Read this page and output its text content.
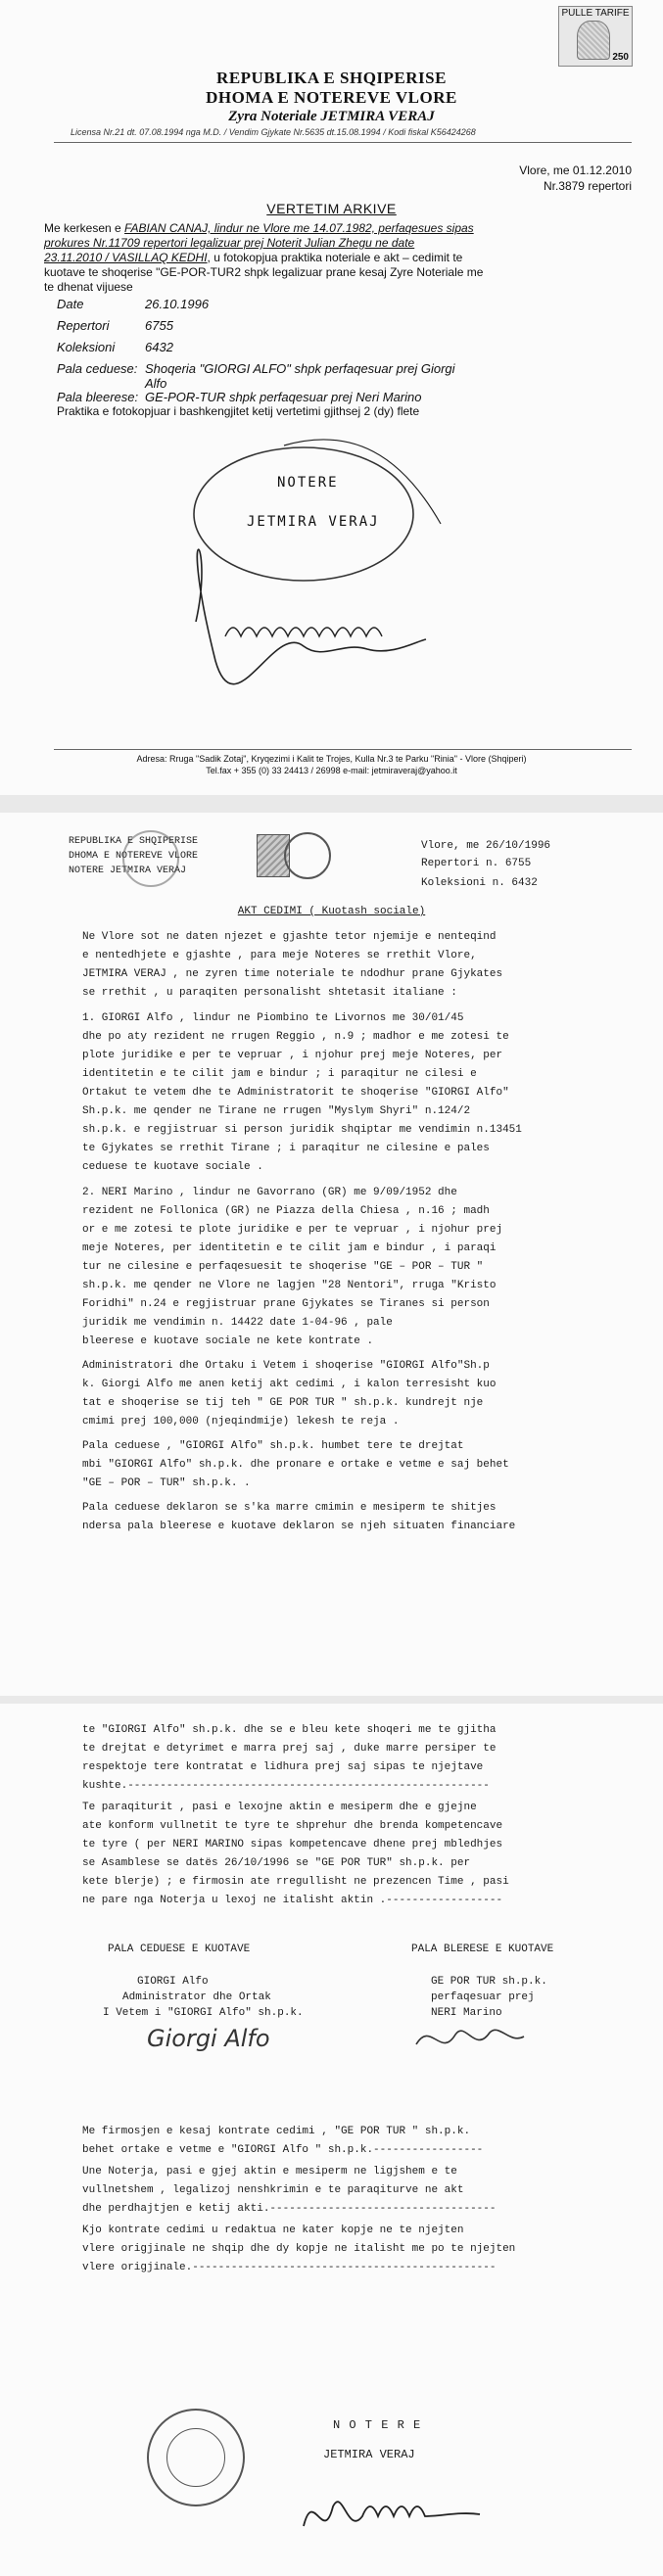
PULLE TARIFE
250
REPUBLIKA E SHQIPERISE
DHOMA E NOTEREVE VLORE
Zyra Noteriale JETMIRA VERAJ
Licensa Nr.21 dt. 07.08.1994 nga M.D. / Vendim Gjykate Nr.5635 dt.15.08.1994 / Kodi fiskal K56424268
Vlore, me 01.12.2010
Nr.3879 repertori
VERTETIM ARKIVE
Me kerkesen e FABIAN CANAJ, lindur ne Vlore me 14.07.1982, perfaqesues sipas
prokures Nr.11709 repertori legalizuar prej Noterit Julian Zhegu ne date
23.11.2010 / VASILLAQ KEDHI, u fotokopjua praktika noteriale e akt – cedimit te
kuotave te shoqerise "GE-POR-TUR2 shpk legalizuar prane kesaj Zyre Noteriale me
te dhenat vijuese
Date	26.10.1996
Repertori	6755
Koleksioni 6432
Pala ceduese: Shoqeria "GIORGI ALFO" shpk perfaqesuar prej Giorgi Alfo
Pala bleerese: GE-POR-TUR shpk perfaqesuar prej Neri Marino
Praktika e fotokopjuar i bashkengjitet ketij vertetimi gjithsej 2 (dy) flete
NOTERE
JETMIRA VERAJ
Adresa: Rruga "Sadik Zotaj", Kryqezimi i Kalit te Trojes, Kulla Nr.3 te Parku "Rinia" - Vlore (Shqiperi)
Tel.fax + 355 (0) 33 24413 / 26998 e-mail: jetmiraveraj@yahoo.it
REPUBLIKA E SHQIPERISE
DHOMA E NOTEREVE VLORE
NOTERE JETMIRA VERAJ
Vlore, me 26/10/1996
Repertori n. 6755
Koleksioni n. 6432
AKT CEDIMI ( Kuotash sociale)
Ne Vlore sot ne daten njezet e gjashte tetor njemije e nenteqind
e nentedhjete e gjashte , para meje Noteres se rrethit Vlore,
JETMIRA VERAJ , ne zyren time noteriale te ndodhur prane Gjykates
se rrethit , u paraqiten personalisht shtetasit italiane :
1. GIORGI Alfo , lindur ne Piombino te Livornos me 30/01/45
dhe po aty rezident ne rrugen Reggio , n.9 ; madhor e me zotesi te
plote juridike e per te vepruar , i njohur prej meje Noteres, per
identitetin e te cilit jam e bindur ; i paraqitur ne cilesi e
Ortakut te vetem dhe te Administratorit te shoqerise "GIORGI Alfo"
Sh.p.k. me qender ne Tirane ne rrugen "Myslym Shyri" n.124/2
sh.p.k. e regjistruar si person juridik shqiptar me vendimin n.13451
te Gjykates se rrethit Tirane ; i paraqitur ne cilesine e pales
ceduese te kuotave sociale .
2. NERI Marino , lindur ne Gavorrano (GR) me 9/09/1952 dhe
rezident ne Follonica (GR) ne Piazza della Chiesa , n.16 ; madh
or e me zotesi te plote juridike e per te vepruar , i njohur prej
meje Noteres, per identitetin e te cilit jam e bindur , i paraqi
tur ne cilesine e perfaqesuesit te shoqerise "GE – POR – TUR "
sh.p.k. me qender ne Vlore ne lagjen "28 Nentori", rruga "Kristo
Foridhi" n.24 e regjistruar prane Gjykates se Tiranes si person
juridik me vendimin n. 14422 date 1-04-96 , pale
bleerese e kuotave sociale ne kete kontrate .
Administratori dhe Ortaku i Vetem i shoqerise "GIORGI Alfo"Sh.p
k. Giorgi Alfo me anen ketij akt cedimi , i kalon terresisht kuo
tat e shoqerise se tij teh " GE POR TUR " sh.p.k. kundrejt nje
cmimi prej 100,000 (njeqindmije) lekesh te reja .
Pala ceduese , "GIORGI Alfo" sh.p.k. humbet tere te drejtat
mbi "GIORGI Alfo" sh.p.k. dhe pronare e ortake e vetme e saj behet
"GE – POR – TUR" sh.p.k. .
Pala ceduese deklaron se s'ka marre cmimin e mesiperm te shitjes
ndersa pala bleerese e kuotave deklaron se njeh situaten financiare
te "GIORGI Alfo" sh.p.k. dhe se e bleu kete shoqeri me te gjitha
te drejtat e detyrimet e marra prej saj , duke marre persiper te
respektoje tere kontratat e lidhura prej saj sipas te njejtave
kushte.--------------------------------------------------------
Te paraqiturit , pasi e lexojne aktin e mesiperm dhe e gjejne
ate konform vullnetit te tyre te shprehur dhe brenda kompetencave
te tyre ( per NERI MARINO sipas kompetencave dhene prej mbledhjes
se Asamblese se datës 26/10/1996 se "GE POR TUR" sh.p.k. per
kete blerje) ; e firmosin ate rregullisht ne prezencen Time , pasi
ne pare nga Noterja u lexoj ne italisht aktin .------------------
PALA CEDUESE E KUOTAVE
GIORGI Alfo
Administrator dhe Ortak
I Vetem i "GIORGI Alfo" sh.p.k.
PALA BLERESE E KUOTAVE
GE POR TUR sh.p.k.
perfaqesuar prej
NERI Marino
Giorgi Alfo
Me firmosjen e kesaj kontrate cedimi , "GE POR TUR " sh.p.k.
behet ortake e vetme e "GIORGI Alfo " sh.p.k.-----------------
Une Noterja, pasi e gjej aktin e mesiperm ne ligjshem e te
vullnetshem , legalizoj nenshkrimin e te paraqiturve ne akt
dhe perdhajtjen e ketij akti.-----------------------------------
Kjo kontrate cedimi u redaktua ne kater kopje ne te njejten
vlere origjinale ne shqip dhe dy kopje ne italisht me po te njejten
vlere origjinale.-----------------------------------------------
N O T E R E
JETMIRA VERAJ
